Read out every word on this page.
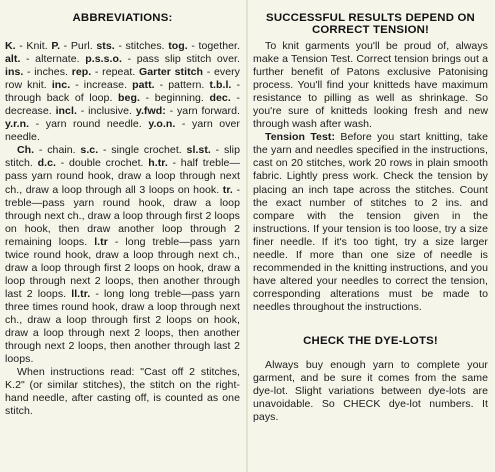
ABBREVIATIONS:

K. - Knit. P. - Purl. sts. - stitches. tog. - together. alt. - alternate. p.s.s.o. - pass slip stitch over. ins. - inches. rep. - repeat. Garter stitch - every row knit. inc. - increase. patt. - pattern. t.b.l. - through back of loop. beg. - beginning. dec. - decrease. incl. - inclusive. y.fwd: - yarn forward. y.r.n. - yarn round needle. y.o.n. - yarn over needle.

Ch. - chain. s.c. - single crochet. sl.st. - slip stitch. d.c. - double crochet. h.tr. - half treble—pass yarn round hook, draw a loop through next ch., draw a loop through all 3 loops on hook. tr. - treble—pass yarn round hook, draw a loop through next ch., draw a loop through first 2 loops on hook, then draw another loop through 2 remaining loops. l.tr - long treble—pass yarn twice round hook, draw a loop through next ch., draw a loop through first 2 loops on hook, draw a loop through next 2 loops, then another through last 2 loops. ll.tr. - long long treble—pass yarn three times round hook, draw a loop through next ch., draw a loop through first 2 loops on hook, draw a loop through next 2 loops, then another through next 2 loops, then another through last 2 loops.

When instructions read: "Cast off 2 stitches, K.2" (or similar stitches), the stitch on the right-hand needle, after casting off, is counted as one stitch.

SUCCESSFUL RESULTS DEPEND ON CORRECT TENSION!

To knit garments you'll be proud of, always make a Tension Test. Correct tension brings out a further benefit of Patons exclusive Patonising process. You'll find your knitteds have maximum resistance to pilling as well as shrinkage. So you're sure of knitteds looking fresh and new through wash after wash.

Tension Test: Before you start knitting, take the yarn and needles specified in the instructions, cast on 20 stitches, work 20 rows in plain smooth fabric. Lightly press work. Check the tension by placing an inch tape across the stitches. Count the exact number of stitches to 2 ins. and compare with the tension given in the instructions. If your tension is too loose, try a size finer needle. If it's too tight, try a size larger needle. If more than one size of needle is recommended in the knitting instructions, and you have altered your needles to correct the tension, corresponding alterations must be made to needles throughout the instructions.

CHECK THE DYE-LOTS!

Always buy enough yarn to complete your garment, and be sure it comes from the same dye-lot. Slight variations between dye-lots are unavoidable. So CHECK dye-lot numbers. It pays.
